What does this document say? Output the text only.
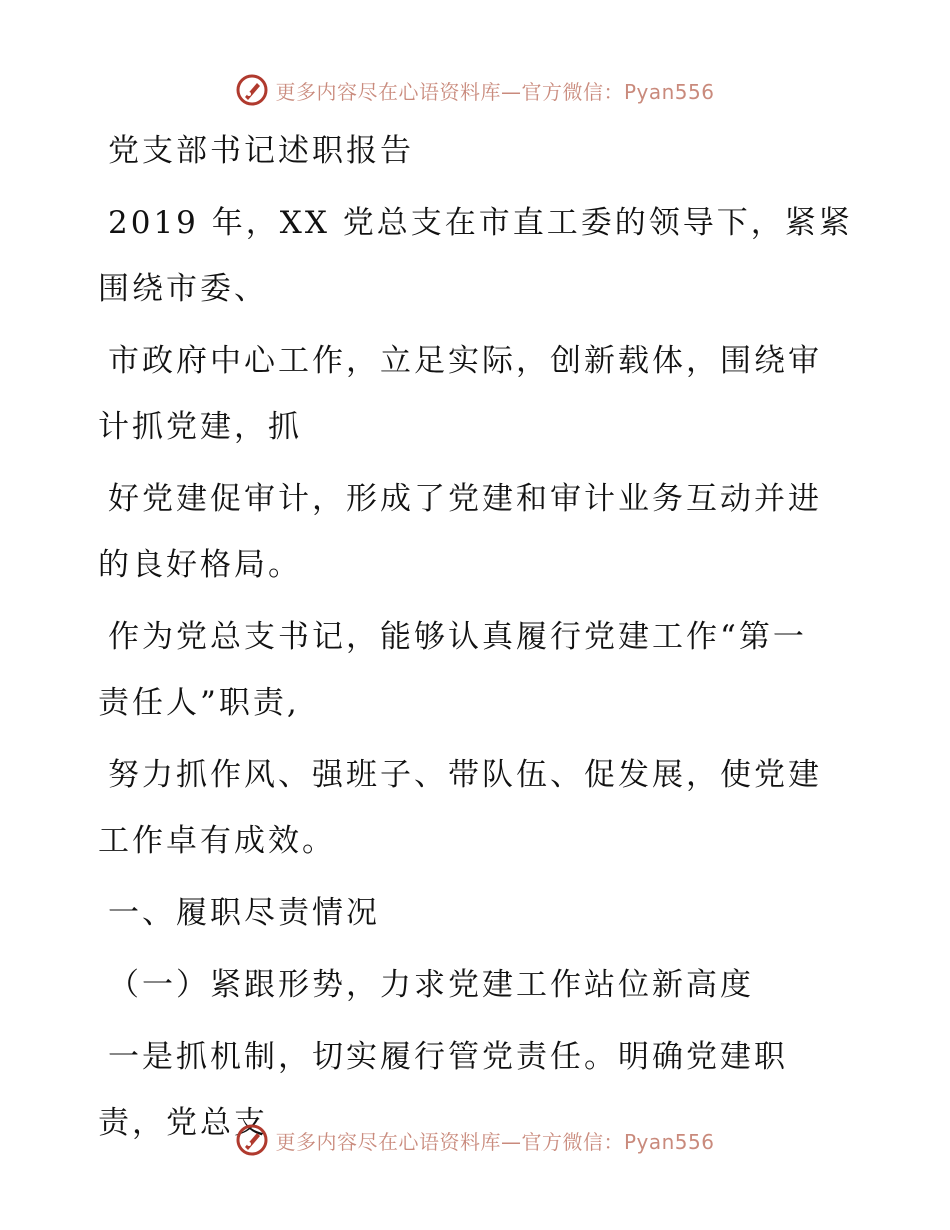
更多内容尽在心语资料库—官方微信：Pyan556

党支部书记述职报告

2019 年，XX 党总支在市直工委的领导下，紧紧

围绕市委、

市政府中心工作，立足实际，创新载体，围绕审

计抓党建，抓

好党建促审计，形成了党建和审计业务互动并进

的良好格局。

作为党总支书记，能够认真履行党建工作“第一

责任人”职责,

努力抓作风、强班子、带队伍、促发展，使党建

工作卓有成效。

一、履职尽责情况

（一）紧跟形势，力求党建工作站位新高度

一是抓机制，切实履行管党责任。明确党建职

责，党总支

更多内容尽在心语资料库—官方微信：Pyan556
